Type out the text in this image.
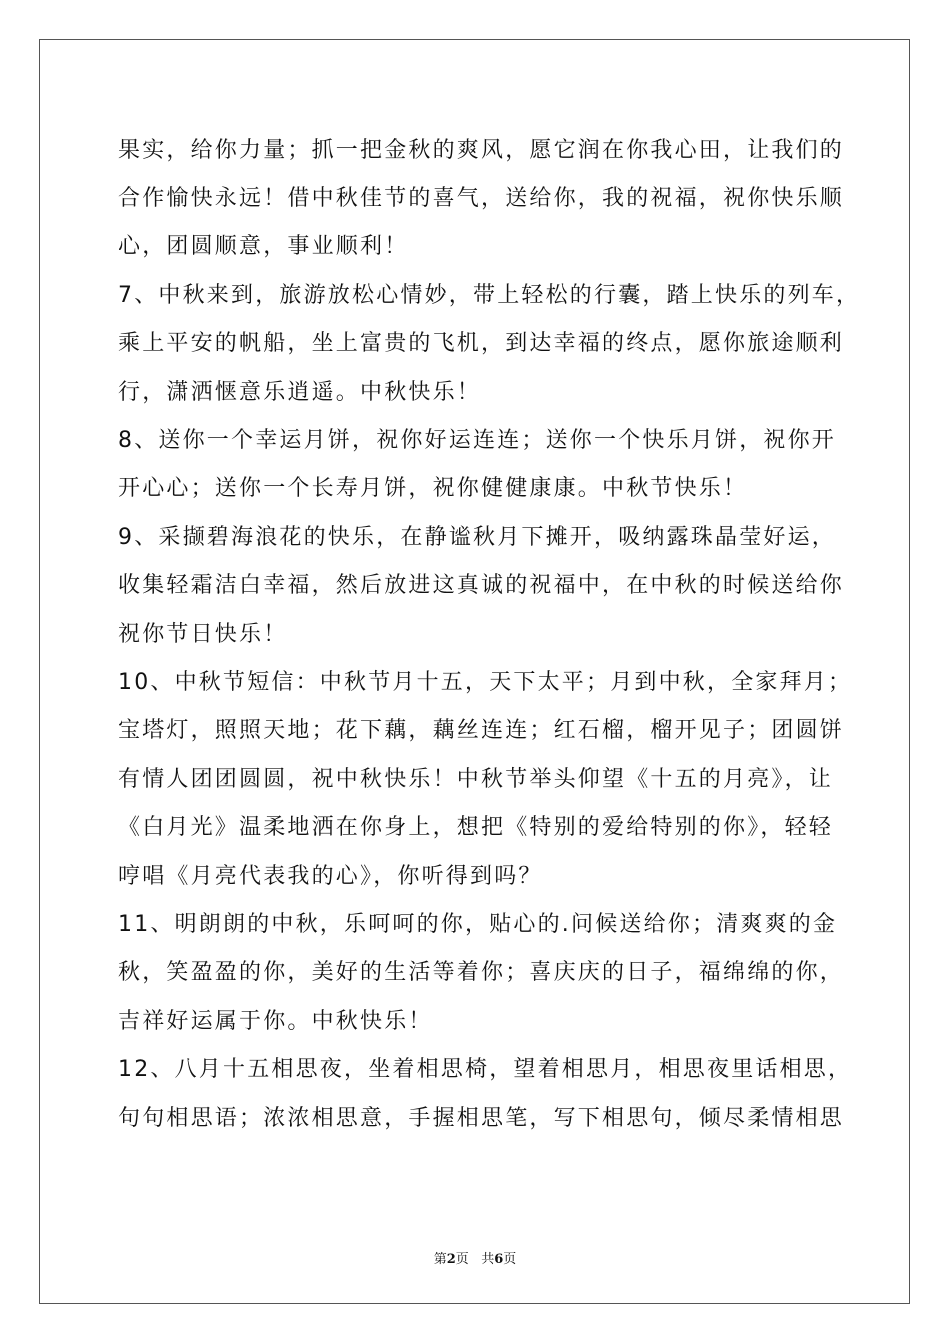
果实，给你力量；抓一把金秋的爽风，愿它润在你我心田，让我们的
合作愉快永远！借中秋佳节的喜气，送给你，我的祝福，祝你快乐顺
心，团圆顺意，事业顺利！
7、中秋来到，旅游放松心情妙，带上轻松的行囊，踏上快乐的列车，
乘上平安的帆船，坐上富贵的飞机，到达幸福的终点，愿你旅途顺利
行，潇洒惬意乐逍遥。中秋快乐！
8、送你一个幸运月饼，祝你好运连连；送你一个快乐月饼，祝你开
开心心；送你一个长寿月饼，祝你健健康康。中秋节快乐！
9、采撷碧海浪花的快乐，在静谧秋月下摊开，吸纳露珠晶莹好运，
收集轻霜洁白幸福，然后放进这真诚的祝福中，在中秋的时候送给你
祝你节日快乐！
10、中秋节短信：中秋节月十五，天下太平；月到中秋，全家拜月；
宝塔灯，照照天地；花下藕，藕丝连连；红石榴，榴开见子；团圆饼
有情人团团圆圆，祝中秋快乐！中秋节举头仰望《十五的月亮》，让
《白月光》温柔地洒在你身上，想把《特别的爱给特别的你》，轻轻
哼唱《月亮代表我的心》，你听得到吗？
11、明朗朗的中秋，乐呵呵的你，贴心的.问候送给你；清爽爽的金
秋，笑盈盈的你，美好的生活等着你；喜庆庆的日子，福绵绵的你，
吉祥好运属于你。中秋快乐！
12、八月十五相思夜，坐着相思椅，望着相思月，相思夜里话相思，
句句相思语；浓浓相思意，手握相思笔，写下相思句，倾尽柔情相思
第2页 共6页
